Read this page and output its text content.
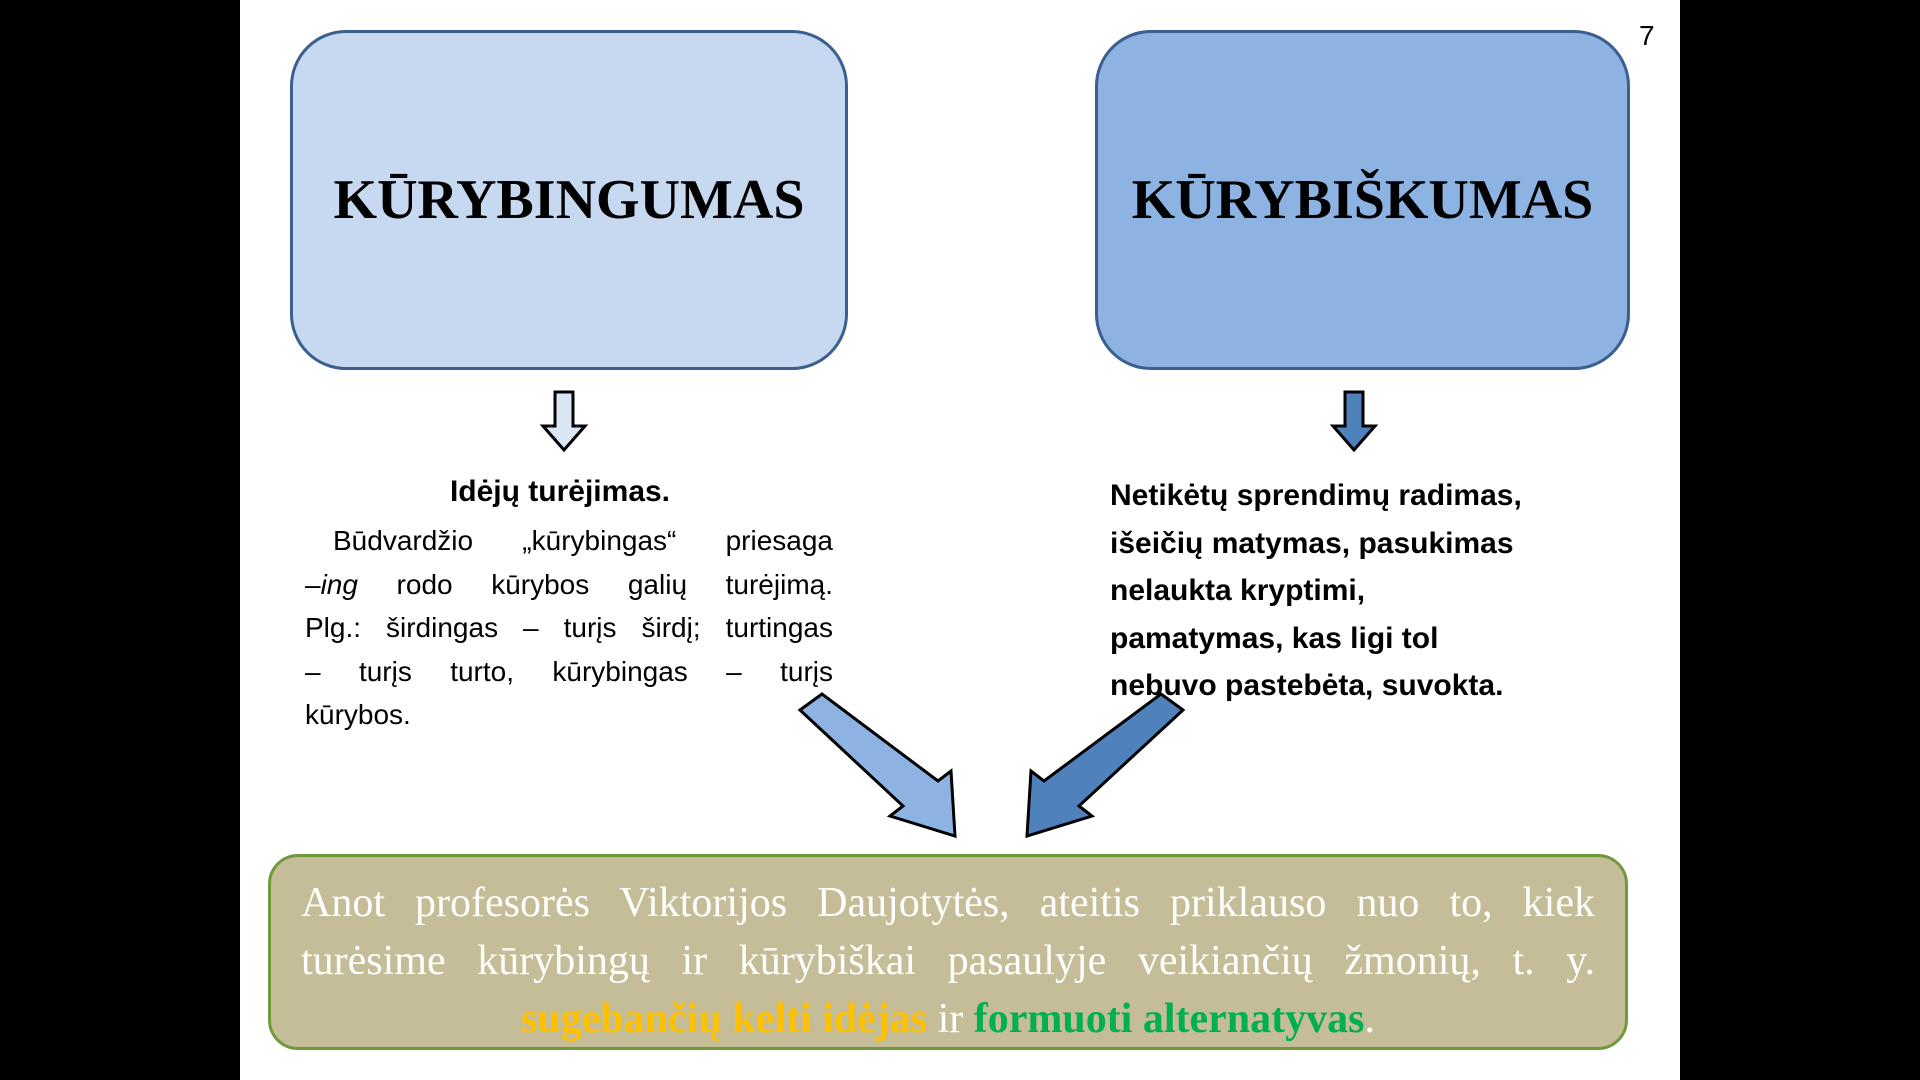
7
KŪRYBINGUMAS	KŪRYBIŠKUMAS
Idėjų turėjimas.
Būdvardžio „kūrybingas“ priesaga
–ing rodo kūrybos galių turėjimą.
Plg.: širdingas – turįs širdį; turtingas
– turįs turto, kūrybingas – turįs
kūrybos.
Netikėtų sprendimų radimas,
išeičių matymas, pasukimas
nelaukta kryptimi,
pamatymas, kas ligi tol
nebuvo pastebėta, suvokta.
Anot profesorės Viktorijos Daujotytės, ateitis priklauso nuo to, kiek
turėsime kūrybingų ir kūrybiškai pasaulyje veikiančių žmonių, t. y.
sugebančių kelti idėjas ir formuoti alternatyvas.
